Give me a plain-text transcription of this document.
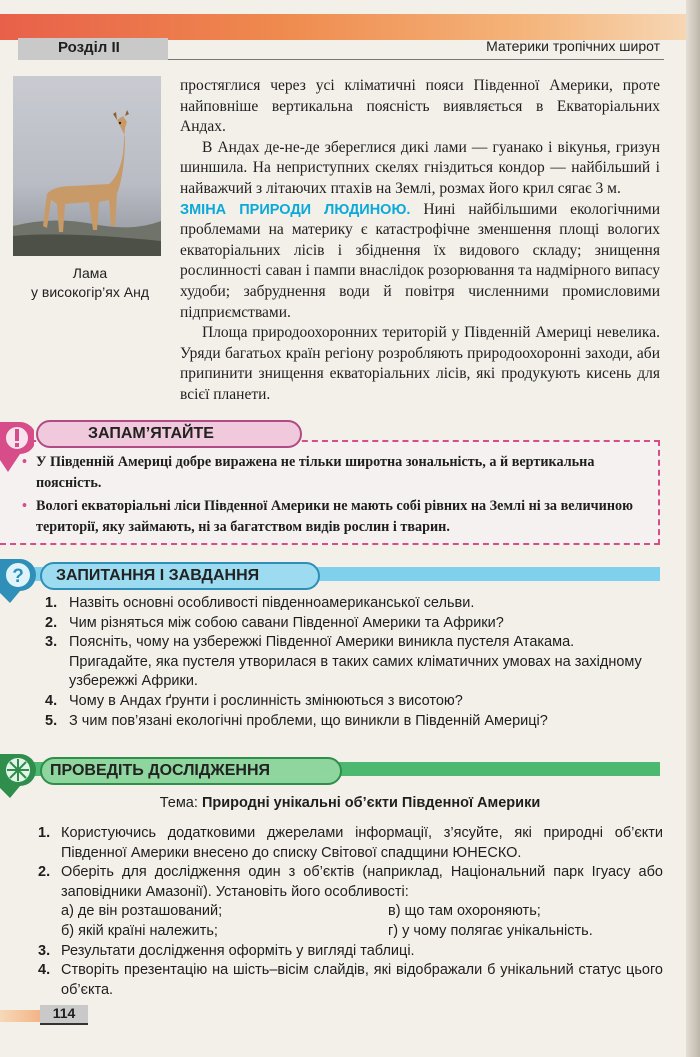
Розділ II	Материки тропічних широт
Лама
у високогір’ях Анд

простяглися через усі кліматичні пояси Південної Америки, проте найповніше вертикальна поясність виявляється в Екваторіальних Андах.

В Андах де-не-де збереглися дикі лами — гуанако і вікунья, гризун шиншила. На неприступних скелях гніздиться кондор — найбільший і найважчий з літаючих птахів на Землі, розмах його крил сягає 3 м.

ЗМІНА ПРИРОДИ ЛЮДИНОЮ. Нині найбільшими екологічними проблемами на материку є катастрофічне зменшення площі вологих екваторіальних лісів і збіднення їх видового складу; знищення рослинності саван і пампи внаслідок розорювання та надмірного випасу худоби; забруднення води й повітря численними промисловими підприємствами.

Площа природоохоронних територій у Південній Америці невелика. Уряди багатьох країн регіону розробляють природоохоронні заходи, аби припинити знищення екваторіальних лісів, які продукують кисень для всієї планети.

ЗАПАМ’ЯТАЙТЕ
• У Південній Америці добре виражена не тільки широтна зональність, а й вертикальна поясність.
• Вологі екваторіальні ліси Південної Америки не мають собі рівних на Землі ні за величиною території, яку займають, ні за багатством видів рослин і тварин.
?	ЗАПИТАННЯ І ЗАВДАННЯ
1. Назвіть основні особливості південноамериканської сельви.
2. Чим різняться між собою савани Південної Америки та Африки?
3. Поясніть, чому на узбережжі Південної Америки виникла пустеля Атакама. Пригадайте, яка пустеля утворилася в таких самих кліматичних умовах на західному узбережжі Африки.
4. Чому в Андах ґрунти і рослинність змінюються з висотою?
5. З чим пов’язані екологічні проблеми, що виникли в Південній Америці?
ПРОВЕДІТЬ ДОСЛІДЖЕННЯ
Тема: Природні унікальні об’єкти Південної Америки
1. Користуючись додатковими джерелами інформації, з’ясуйте, які природні об’єкти Південної Америки внесено до списку Світової спадщини ЮНЕСКО.
2. Оберіть для дослідження один з об’єктів (наприклад, Національний парк Ігуасу або заповідники Амазонії). Установіть його особливості:
а) де він розташований;	в) що там охороняють;
б) якій країні належить;	г) у чому полягає унікальність.
3. Результати дослідження оформіть у вигляді таблиці.
4. Створіть презентацію на шість–вісім слайдів, які відображали б унікальний статус цього об’єкта.
114
